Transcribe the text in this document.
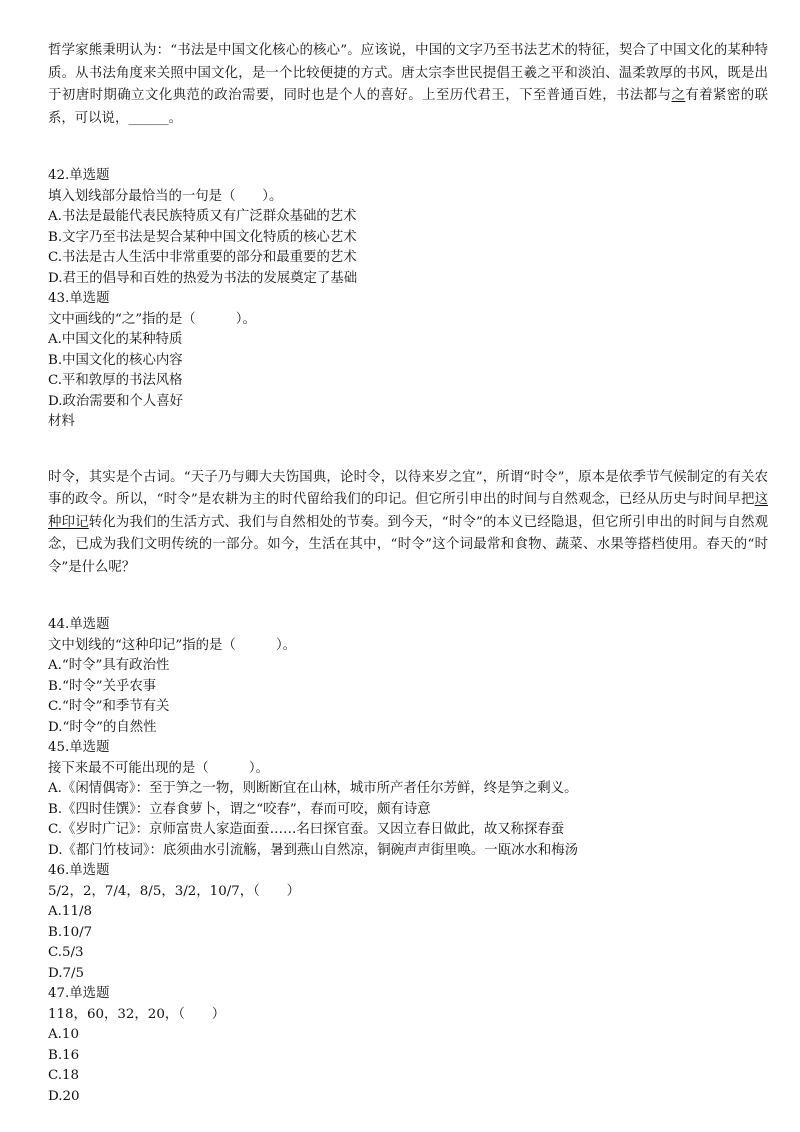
哲学家熊秉明认为：“书法是中国文化核心的核心”。应该说，中国的文字乃至书法艺术的特征，契合了中国文化的某种特质。从书法角度来关照中国文化，是一个比较便捷的方式。唐太宗李世民提倡王羲之平和淡泊、温柔敦厚的书风，既是出于初唐时期确立文化典范的政治需要，同时也是个人的喜好。上至历代君王，下至普通百姓，书法都与之有着紧密的联系，可以说，______。

42.单选题
填入划线部分最恰当的一句是（　　）。
A.书法是最能代表民族特质又有广泛群众基础的艺术
B.文字乃至书法是契合某种中国文化特质的核心艺术
C.书法是古人生活中非常重要的部分和最重要的艺术
D.君王的倡导和百姓的热爱为书法的发展奠定了基础
43.单选题
文中画线的“之”指的是（　　　）。
A.中国文化的某种特质
B.中国文化的核心内容
C.平和敦厚的书法风格
D.政治需要和个人喜好
材料

时令，其实是个古词。“天子乃与卿大夫饬国典，论时令，以待来岁之宜”，所谓“时令”，原本是依季节气候制定的有关农事的政令。所以，“时令”是农耕为主的时代留给我们的印记。但它所引申出的时间与自然观念，已经从历史与时间早把这种印记转化为我们的生活方式、我们与自然相处的节奏。到今天，“时令”的本义已经隐退，但它所引申出的时间与自然观念，已成为我们文明传统的一部分。如今，生活在其中，“时令”这个词最常和食物、蔬菜、水果等搭档使用。春天的“时令”是什么呢？

44.单选题
文中划线的“这种印记”指的是（　　　）。
A.“时令”具有政治性
B.“时令”关乎农事
C.“时令”和季节有关
D.“时令”的自然性
45.单选题
接下来最不可能出现的是（　　　）。
A.《闲情偶寄》：至于笋之一物，则断断宜在山林，城市所产者任尔芳鲜，终是笋之剩义。
B.《四时佳馔》：立春食萝卜，谓之“咬春”，春而可咬，颇有诗意
C.《岁时广记》：京师富贵人家造面蚕……名曰探官蚕。又因立春日做此，故又称探春蚕
D.《都门竹枝词》：底须曲水引流觞，暑到燕山自然凉，铜碗声声街里唤。一瓯冰水和梅汤
46.单选题
5/2，2，7/4，8/5，3/2，10/7，（　　）
A.11/8
B.10/7
C.5/3
D.7/5
47.单选题
118，60，32，20，（　　）
A.10
B.16
C.18
D.20
